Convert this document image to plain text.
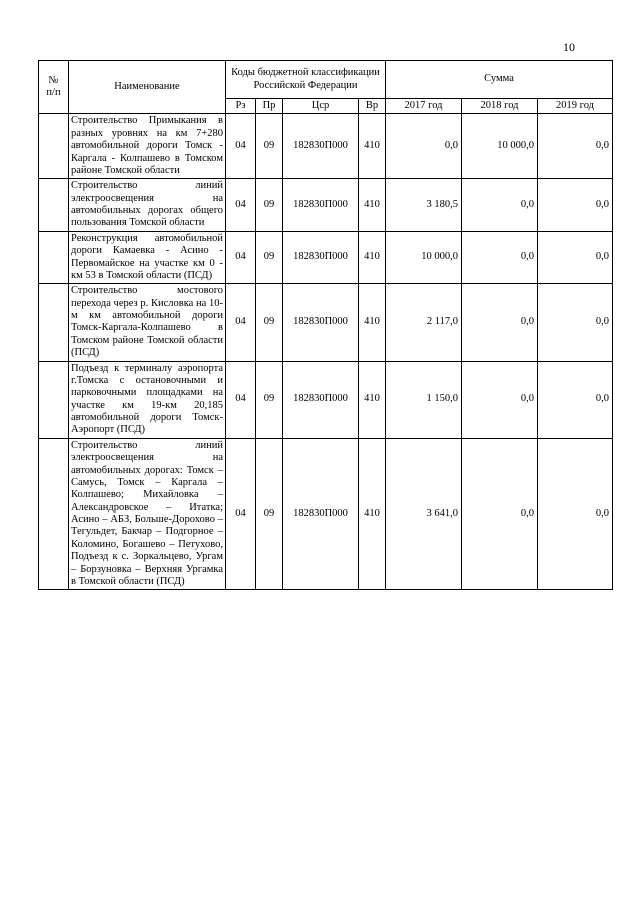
10
№
п/п	Наименование	Коды бюджетной классификации Российской Федерации				Сумма		
		Рз	Пр	Цср	Вр	2017 год	2018 год	2019 год
	Строительство Примыкания в разных уровнях на км 7+280 автомобильной дороги Томск - Каргала - Колпашево в Томском районе Томской области	04	09	182830П000	410	0,0	10 000,0	0,0
	Строительство линий электроосвещения на автомобильных дорогах общего пользования Томской области	04	09	182830П000	410	3 180,5	0,0	0,0
	Реконструкция автомобильной дороги Камаевка - Асино - Первомайское на участке км 0 - км 53 в Томской области (ПСД)	04	09	182830П000	410	10 000,0	0,0	0,0
	Строительство мостового перехода через р. Кисловка на 10-м км автомобильной дороги Томск-Каргала-Колпашево в Томском районе Томской области (ПСД)	04	09	182830П000	410	2 117,0	0,0	0,0
	Подъезд к терминалу аэропорта г.Томска с остановочными и парковочными площадками на участке км 19-км 20,185 автомобильной дороги Томск-Аэропорт (ПСД)	04	09	182830П000	410	1 150,0	0,0	0,0
	Строительство линий электроосвещения на автомобильных дорогах: Томск – Самусь, Томск – Каргала – Колпашево; Михайловка – Александровское – Итатка; Асино – АБЗ, Больше-Дорохово – Тегульдет, Бакчар – Подгорное – Коломино, Богашево – Петухово, Подъезд к с. Зоркальцево, Ургам – Борзуновка – Верхняя Ургамка в Томской области (ПСД)	04	09	182830П000	410	3 641,0	0,0	0,0
